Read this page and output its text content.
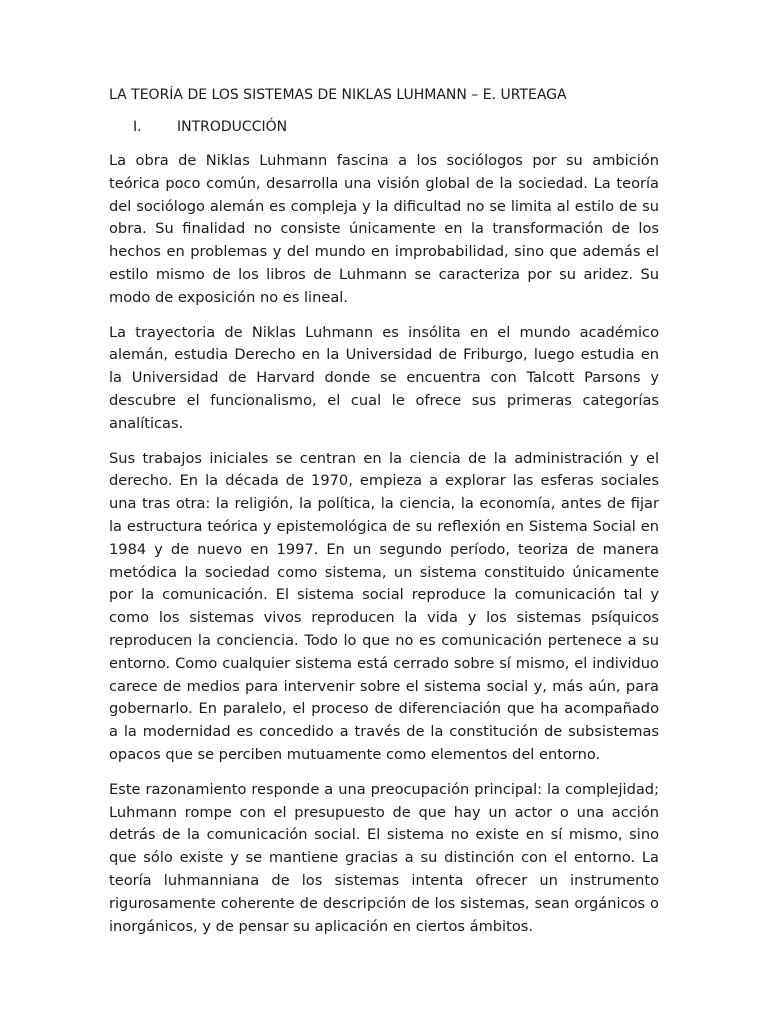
LA TEORÍA DE LOS SISTEMAS DE NIKLAS LUHMANN – E. URTEAGA
I.	INTRODUCCIÓN

La obra de Niklas Luhmann fascina a los sociólogos por su ambición teórica poco común, desarrolla una visión global de la sociedad. La teoría del sociólogo alemán es compleja y la dificultad no se limita al estilo de su obra. Su finalidad no consiste únicamente en la transformación de los hechos en problemas y del mundo en improbabilidad, sino que además el estilo mismo de los libros de Luhmann se caracteriza por su aridez. Su modo de exposición no es lineal.

La trayectoria de Niklas Luhmann es insólita en el mundo académico alemán, estudia Derecho en la Universidad de Friburgo, luego estudia en la Universidad de Harvard donde se encuentra con Talcott Parsons y descubre el funcionalismo, el cual le ofrece sus primeras categorías analíticas.

Sus trabajos iniciales se centran en la ciencia de la administración y el derecho. En la década de 1970, empieza a explorar las esferas sociales una tras otra: la religión, la política, la ciencia, la economía, antes de fijar la estructura teórica y epistemológica de su reflexión en Sistema Social en 1984 y de nuevo en 1997. En un segundo período, teoriza de manera metódica la sociedad como sistema, un sistema constituido únicamente por la comunicación. El sistema social reproduce la comunicación tal y como los sistemas vivos reproducen la vida y los sistemas psíquicos reproducen la conciencia. Todo lo que no es comunicación pertenece a su entorno. Como cualquier sistema está cerrado sobre sí mismo, el individuo carece de medios para intervenir sobre el sistema social y, más aún, para gobernarlo. En paralelo, el proceso de diferenciación que ha acompañado a la modernidad es concedido a través de la constitución de subsistemas opacos que se perciben mutuamente como elementos del entorno.

Este razonamiento responde a una preocupación principal: la complejidad; Luhmann rompe con el presupuesto de que hay un actor o una acción detrás de la comunicación social. El sistema no existe en sí mismo, sino que sólo existe y se mantiene gracias a su distinción con el entorno. La teoría luhmanniana de los sistemas intenta ofrecer un instrumento rigurosamente coherente de descripción de los sistemas, sean orgánicos o inorgánicos, y de pensar su aplicación en ciertos ámbitos.
